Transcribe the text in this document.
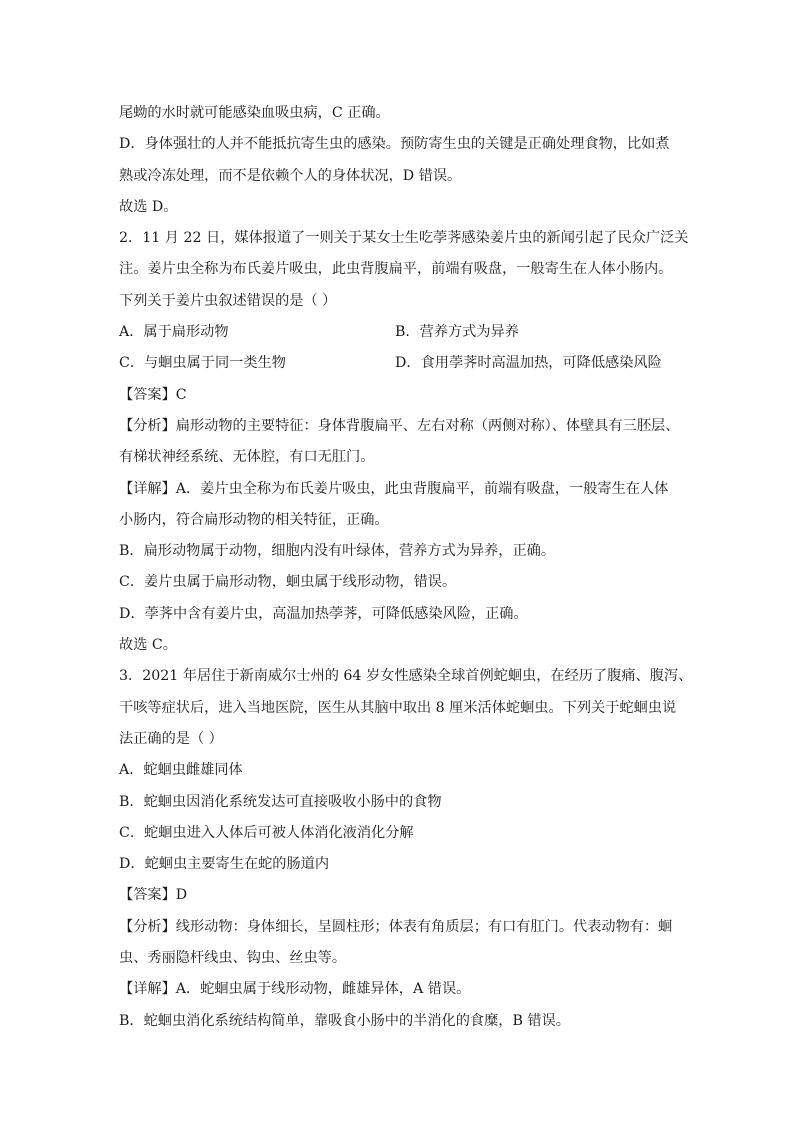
尾蚴的水时就可能感染血吸虫病，C 正确。
D．身体强壮的人并不能抵抗寄生虫的感染。预防寄生虫的关键是正确处理食物，比如煮
熟或冷冻处理，而不是依赖个人的身体状况，D 错误。
故选 D。
2．11 月 22 日，媒体报道了一则关于某女士生吃荸荠感染姜片虫的新闻引起了民众广泛关
注。姜片虫全称为布氏姜片吸虫，此虫背腹扁平，前端有吸盘，一般寄生在人体小肠内。
下列关于姜片虫叙述错误的是（ ）
A．属于扁形动物	B．营养方式为异养
C．与蛔虫属于同一类生物	D．食用荸荠时高温加热，可降低感染风险
【答案】C
【分析】扁形动物的主要特征：身体背腹扁平、左右对称（两侧对称）、体壁具有三胚层、
有梯状神经系统、无体腔，有口无肛门。
【详解】A．姜片虫全称为布氏姜片吸虫，此虫背腹扁平，前端有吸盘，一般寄生在人体
小肠内，符合扁形动物的相关特征，正确。
B．扁形动物属于动物，细胞内没有叶绿体，营养方式为异养，正确。
C．姜片虫属于扁形动物，蛔虫属于线形动物，错误。
D．荸荠中含有姜片虫，高温加热荸荠，可降低感染风险，正确。
故选 C。
3．2021 年居住于新南威尔士州的 64 岁女性感染全球首例蛇蛔虫，在经历了腹痛、腹泻、
干咳等症状后，进入当地医院，医生从其脑中取出 8 厘米活体蛇蛔虫。下列关于蛇蛔虫说
法正确的是（ ）
A．蛇蛔虫雌雄同体
B．蛇蛔虫因消化系统发达可直接吸收小肠中的食物
C．蛇蛔虫进入人体后可被人体消化液消化分解
D．蛇蛔虫主要寄生在蛇的肠道内
【答案】D
【分析】线形动物：身体细长，呈圆柱形；体表有角质层；有口有肛门。代表动物有：蛔
虫、秀丽隐杆线虫、钩虫、丝虫等。
【详解】A．蛇蛔虫属于线形动物，雌雄异体，A 错误。
B．蛇蛔虫消化系统结构简单，靠吸食小肠中的半消化的食糜，B 错误。
